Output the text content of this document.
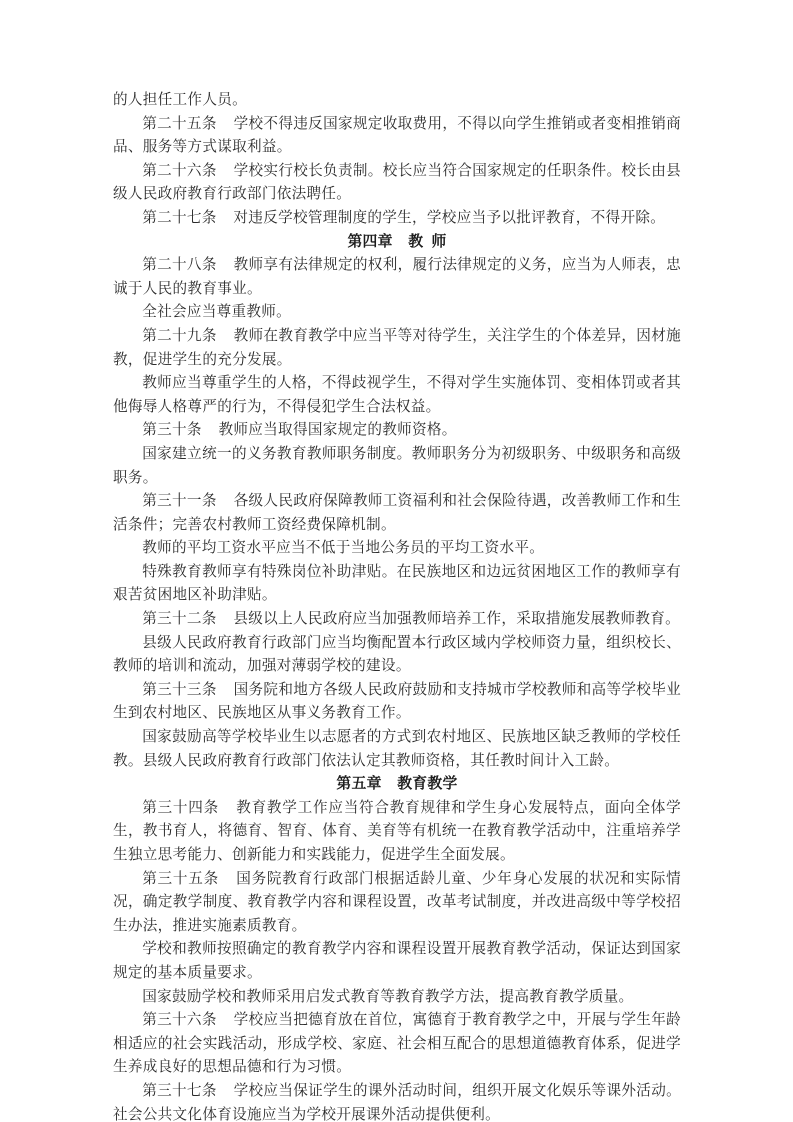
的人担任工作人员。
第二十五条 学校不得违反国家规定收取费用，不得以向学生推销或者变相推销商品、服务等方式谋取利益。
第二十六条 学校实行校长负责制。校长应当符合国家规定的任职条件。校长由县级人民政府教育行政部门依法聘任。
第二十七条 对违反学校管理制度的学生，学校应当予以批评教育，不得开除。
第四章 教 师
第二十八条 教师享有法律规定的权利，履行法律规定的义务，应当为人师表，忠诚于人民的教育事业。
全社会应当尊重教师。
第二十九条 教师在教育教学中应当平等对待学生，关注学生的个体差异，因材施教，促进学生的充分发展。
教师应当尊重学生的人格，不得歧视学生，不得对学生实施体罚、变相体罚或者其他侮辱人格尊严的行为，不得侵犯学生合法权益。
第三十条 教师应当取得国家规定的教师资格。
国家建立统一的义务教育教师职务制度。教师职务分为初级职务、中级职务和高级职务。
第三十一条 各级人民政府保障教师工资福利和社会保险待遇，改善教师工作和生活条件；完善农村教师工资经费保障机制。
教师的平均工资水平应当不低于当地公务员的平均工资水平。
特殊教育教师享有特殊岗位补助津贴。在民族地区和边远贫困地区工作的教师享有艰苦贫困地区补助津贴。
第三十二条 县级以上人民政府应当加强教师培养工作，采取措施发展教师教育。
县级人民政府教育行政部门应当均衡配置本行政区域内学校师资力量，组织校长、教师的培训和流动，加强对薄弱学校的建设。
第三十三条 国务院和地方各级人民政府鼓励和支持城市学校教师和高等学校毕业生到农村地区、民族地区从事义务教育工作。
国家鼓励高等学校毕业生以志愿者的方式到农村地区、民族地区缺乏教师的学校任教。县级人民政府教育行政部门依法认定其教师资格，其任教时间计入工龄。
第五章 教育教学
第三十四条 教育教学工作应当符合教育规律和学生身心发展特点，面向全体学生，教书育人，将德育、智育、体育、美育等有机统一在教育教学活动中，注重培养学生独立思考能力、创新能力和实践能力，促进学生全面发展。
第三十五条 国务院教育行政部门根据适龄儿童、少年身心发展的状况和实际情况，确定教学制度、教育教学内容和课程设置，改革考试制度，并改进高级中等学校招生办法，推进实施素质教育。
学校和教师按照确定的教育教学内容和课程设置开展教育教学活动，保证达到国家规定的基本质量要求。
国家鼓励学校和教师采用启发式教育等教育教学方法，提高教育教学质量。
第三十六条 学校应当把德育放在首位，寓德育于教育教学之中，开展与学生年龄相适应的社会实践活动，形成学校、家庭、社会相互配合的思想道德教育体系，促进学生养成良好的思想品德和行为习惯。
第三十七条 学校应当保证学生的课外活动时间，组织开展文化娱乐等课外活动。社会公共文化体育设施应当为学校开展课外活动提供便利。
